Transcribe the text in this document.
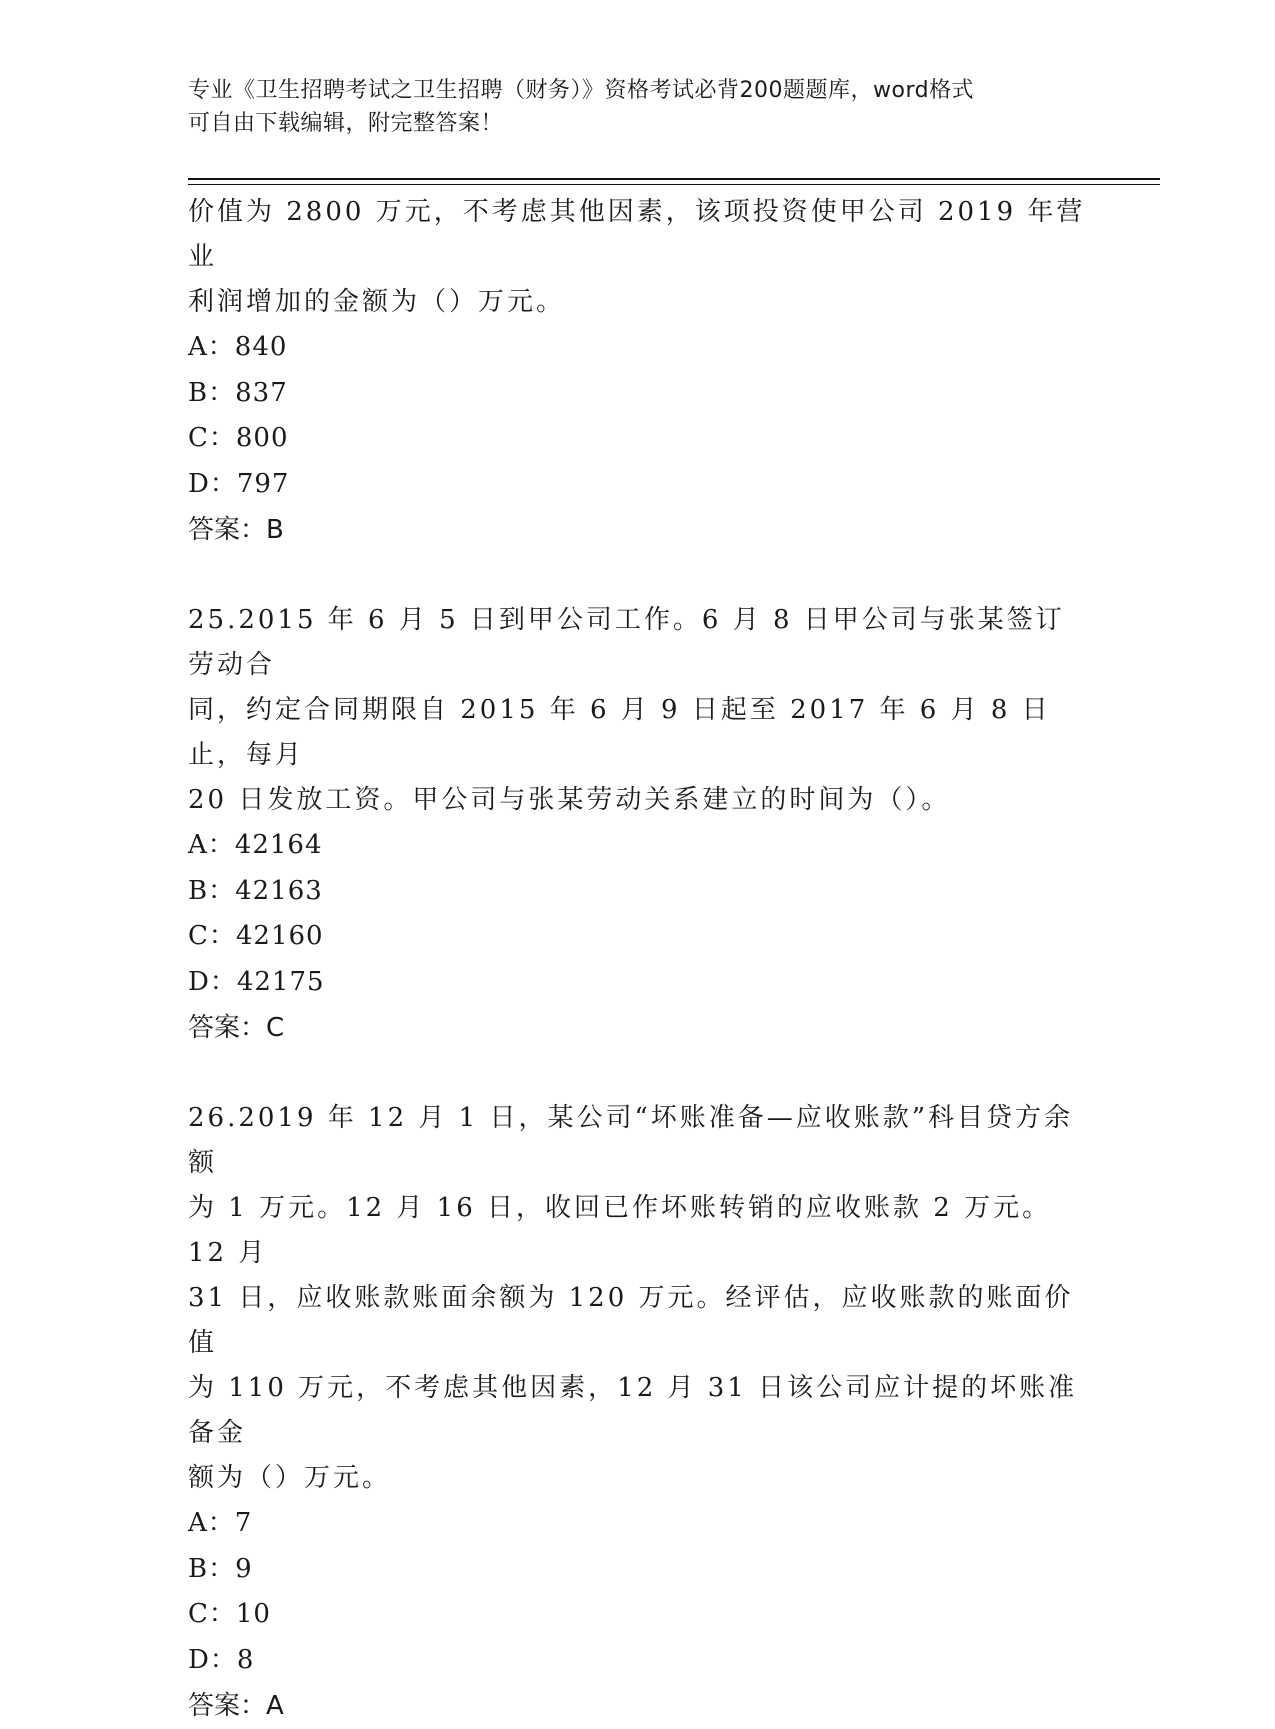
专业《卫生招聘考试之卫生招聘（财务）》资格考试必背200题题库，word格式
可自由下载编辑，附完整答案！

价值为 2800 万元，不考虑其他因素，该项投资使甲公司 2019 年营业

利润增加的金额为（）万元。

A：840

B：837

C：800

D：797

答案：B

25.2015 年 6 月 5 日到甲公司工作。6 月 8 日甲公司与张某签订劳动合

同，约定合同期限自 2015 年 6 月 9 日起至 2017 年 6 月 8 日止，每月

20 日发放工资。甲公司与张某劳动关系建立的时间为（）。

A：42164

B：42163

C：42160

D：42175

答案：C

26.2019 年 12 月 1 日，某公司“坏账准备—应收账款”科目贷方余额

为 1 万元。12 月 16 日，收回已作坏账转销的应收账款 2 万元。12 月

31 日，应收账款账面余额为 120 万元。经评估，应收账款的账面价值

为 110 万元，不考虑其他因素，12 月 31 日该公司应计提的坏账准备金

额为（）万元。

A：7

B：9

C：10

D：8

答案：A
